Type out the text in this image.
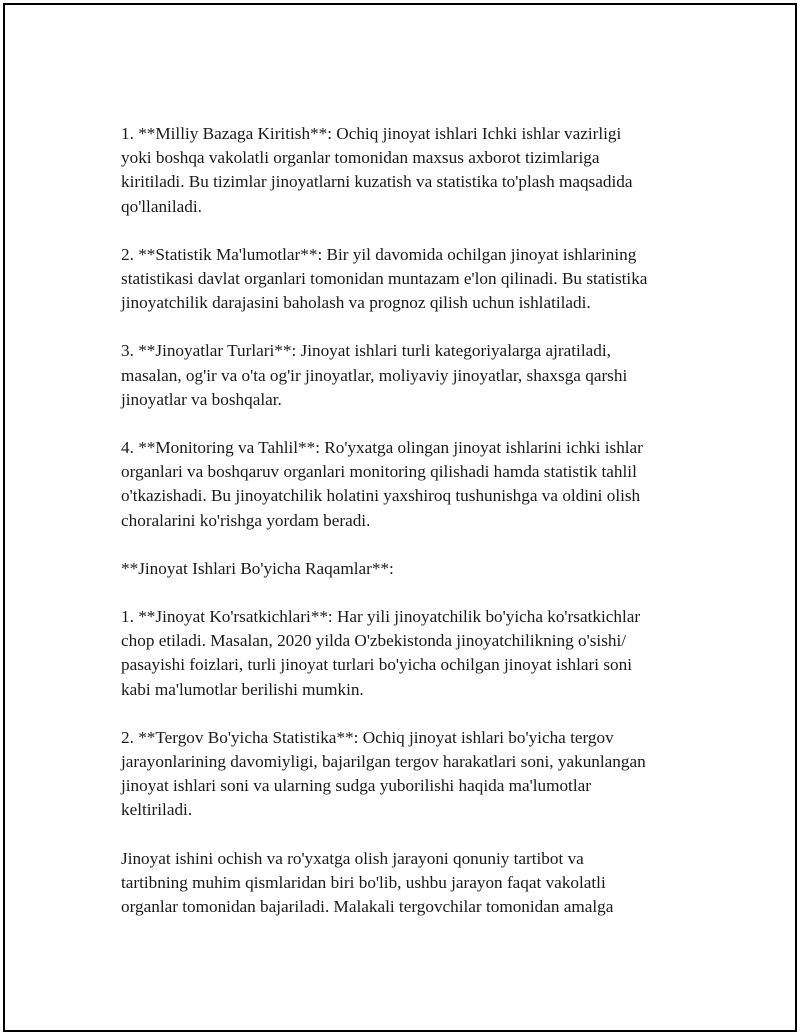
1. **Milliy Bazaga Kiritish**: Ochiq jinoyat ishlari Ichki ishlar vazirligi
yoki boshqa vakolatli organlar tomonidan maxsus axborot tizimlariga
kiritiladi. Bu tizimlar jinoyatlarni kuzatish va statistika to'plash maqsadida
qo'llaniladi.

2. **Statistik Ma'lumotlar**: Bir yil davomida ochilgan jinoyat ishlarining
statistikasi davlat organlari tomonidan muntazam e'lon qilinadi. Bu statistika
jinoyatchilik darajasini baholash va prognoz qilish uchun ishlatiladi.

3. **Jinoyatlar Turlari**: Jinoyat ishlari turli kategoriyalarga ajratiladi,
masalan, og'ir va o'ta og'ir jinoyatlar, moliyaviy jinoyatlar, shaxsga qarshi
jinoyatlar va boshqalar.

4. **Monitoring va Tahlil**: Ro'yxatga olingan jinoyat ishlarini ichki ishlar
organlari va boshqaruv organlari monitoring qilishadi hamda statistik tahlil
o'tkazishadi. Bu jinoyatchilik holatini yaxshiroq tushunishga va oldini olish
choralarini ko'rishga yordam beradi.

**Jinoyat Ishlari Bo'yicha Raqamlar**:

1. **Jinoyat Ko'rsatkichlari**: Har yili jinoyatchilik bo'yicha ko'rsatkichlar
chop etiladi. Masalan, 2020 yilda O'zbekistonda jinoyatchilikning o'sishi/
pasayishi foizlari, turli jinoyat turlari bo'yicha ochilgan jinoyat ishlari soni
kabi ma'lumotlar berilishi mumkin.

2. **Tergov Bo'yicha Statistika**: Ochiq jinoyat ishlari bo'yicha tergov
jarayonlarining davomiyligi, bajarilgan tergov harakatlari soni, yakunlangan
jinoyat ishlari soni va ularning sudga yuborilishi haqida ma'lumotlar
keltiriladi.

Jinoyat ishini ochish va ro'yxatga olish jarayoni qonuniy tartibot va
tartibning muhim qismlaridan biri bo'lib, ushbu jarayon faqat vakolatli
organlar tomonidan bajariladi. Malakali tergovchilar tomonidan amalga
